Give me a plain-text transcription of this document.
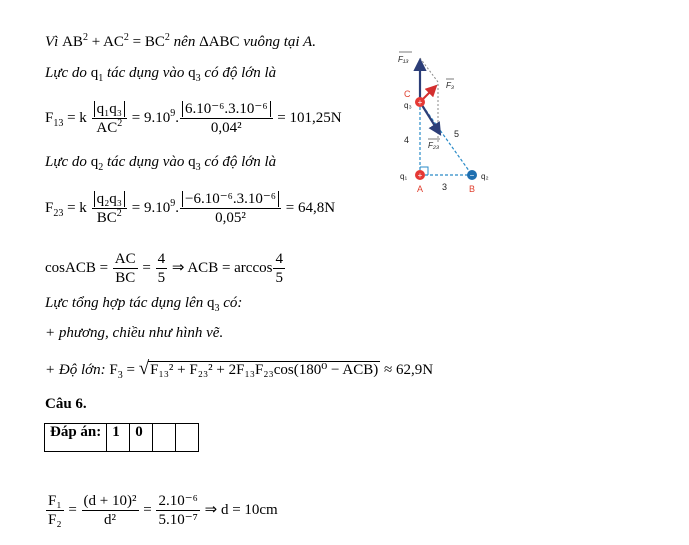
Vì $AB^2 + AC^2 = BC^2$ nên ΔABC vuông tại A.
Lực do $q_1$ tác dụng vào $q_3$ có độ lớn là
$F_{13} = k \frac{\text{q₁q₃}}{AC^2} = 9.10^9$. $\frac{\text{6.10⁻⁶.3.10⁻⁶}}{\text{0,04²}} = 101,25N$
Lực do $q_2$ tác dụng vào $q_3$ có độ lớn là
$F_{23} = k \frac{\text{q₂q₃}}{BC^2} = 9.10^9$. $\frac{\text{−6.10⁻⁶.3.10⁻⁶}}{\text{0,05²}} = 64,8N$
cosACB = $\frac{AC}{BC} = \frac{4}{5}$ ⇒ ACB = $\arccos \frac{4}{5}$
Lực tổng hợp tác dụng lên $q_3$ có:
+ phương, chiều như hình vẽ.
+ Độ lớn: $F_3 = √F_{13}^2 + F_{23}^2 + 2F_{13}F_{23}\cos(180^0 - ACB) \approx 62,9N$
Câu 6.
Đáp án:	1	0		
$\frac{\text{F₁}}{\text{F₂}} = \frac{\text{(d + 10)²}}{\text{d²}} = \frac{\text{2.10⁻⁶}}{\text{5.10⁻⁷}}$ ⇒ d = 10cm
+
+	−
F₁₃
F₃
F₂₃
C
q₃
4
5
3
q₁
A	B
q₂
